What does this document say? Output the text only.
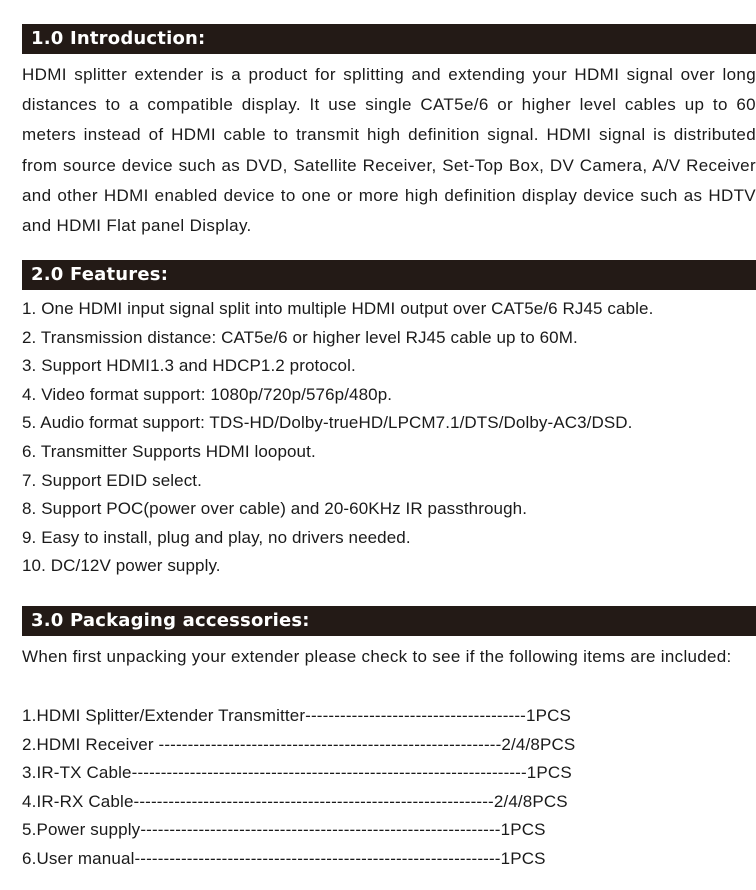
1.0 Introduction:

HDMI splitter extender is a product for splitting and extending your HDMI signal over long distances to a compatible display. It use single CAT5e/6 or higher level cables up to 60 meters instead of HDMI cable to transmit high definition signal. HDMI signal is distributed from source device such as DVD, Satellite Receiver, Set-Top Box, DV Camera, A/V Receiver and other HDMI enabled device to one or more high definition display device such as HDTV and HDMI Flat panel Display.

2.0 Features:
1. One HDMI input signal split into multiple HDMI output over CAT5e/6 RJ45 cable.
2. Transmission distance: CAT5e/6 or higher level RJ45 cable up to 60M.
3. Support HDMI1.3 and HDCP1.2 protocol.
4. Video format support: 1080p/720p/576p/480p.
5. Audio format support: TDS-HD/Dolby-trueHD/LPCM7.1/DTS/Dolby-AC3/DSD.
6. Transmitter Supports HDMI loopout.
7. Support EDID select.
8. Support POC(power over cable) and 20-60KHz IR passthrough.
9. Easy to install, plug and play, no drivers needed.
10. DC/12V power supply.
3.0 Packaging accessories:

When first unpacking your extender please check to see if the following items are included:

1.HDMI Splitter/Extender Transmitter--------------------------------------1PCS
2.HDMI Receiver -----------------------------------------------------------2/4/8PCS
3.IR-TX Cable--------------------------------------------------------------------1PCS
4.IR-RX Cable--------------------------------------------------------------2/4/8PCS
5.Power supply--------------------------------------------------------------1PCS
6.User manual---------------------------------------------------------------1PCS
